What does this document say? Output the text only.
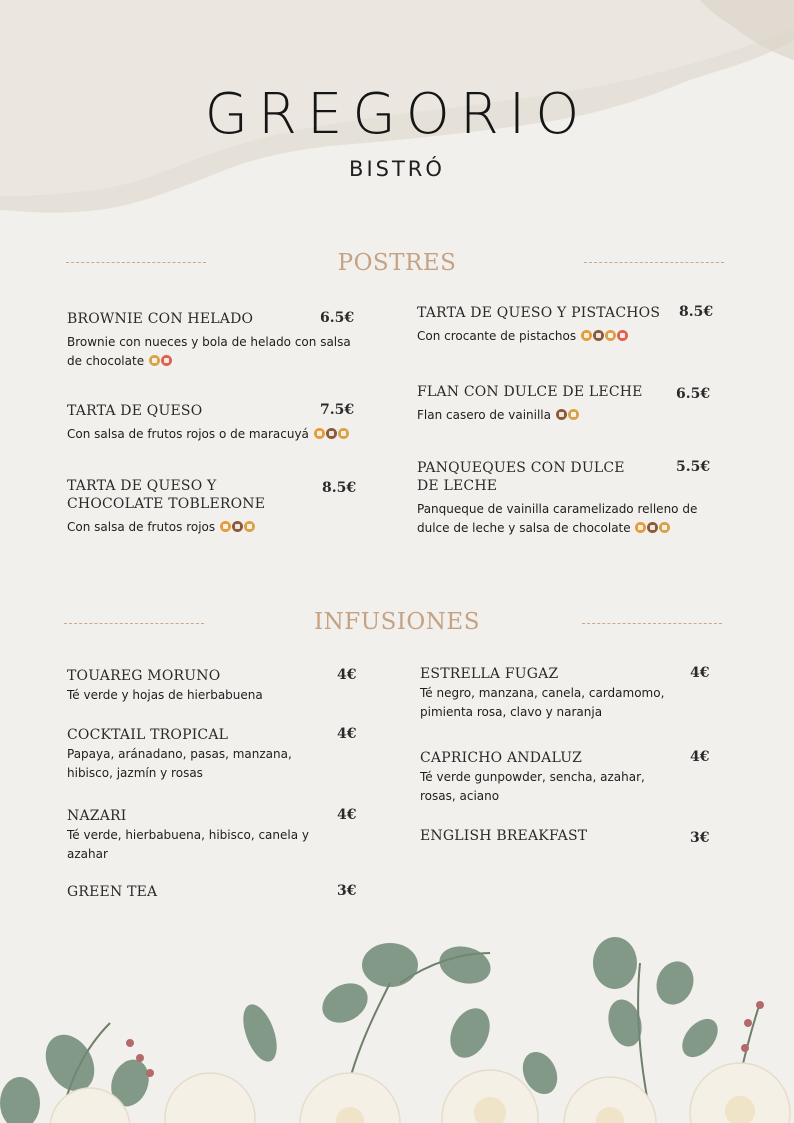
GREGORIO
BISTRÓ
POSTRES
BROWNIE CON HELADO	6.5€
Brownie con nueces y bola de helado con salsa de chocolate
TARTA DE QUESO	7.5€
Con salsa de frutos rojos o de maracuyá
TARTA DE QUESO Y CHOCOLATE TOBLERONE
8.5€
Con salsa de frutos rojos
TARTA DE QUESO Y PISTACHOS	8.5€
Con crocante de pistachos
FLAN CON DULCE DE LECHE	6.5€
Flan casero de vainilla
PANQUEQUES CON DULCE DE LECHE
5.5€
Panqueque de vainilla caramelizado relleno de dulce de leche y salsa de chocolate
INFUSIONES
TOUAREG MORUNO	4€
Té verde y hojas de hierbabuena
COCKTAIL TROPICAL	4€
Papaya, aránadano, pasas, manzana, hibisco, jazmín y rosas
NAZARI	4€
Té verde, hierbabuena, hibisco, canela y azahar
GREEN TEA	3€
ESTRELLA FUGAZ	4€
Té negro, manzana, canela, cardamomo, pimienta rosa, clavo y naranja
CAPRICHO ANDALUZ	4€
Té verde gunpowder, sencha, azahar, rosas, aciano
ENGLISH BREAKFAST	3€
